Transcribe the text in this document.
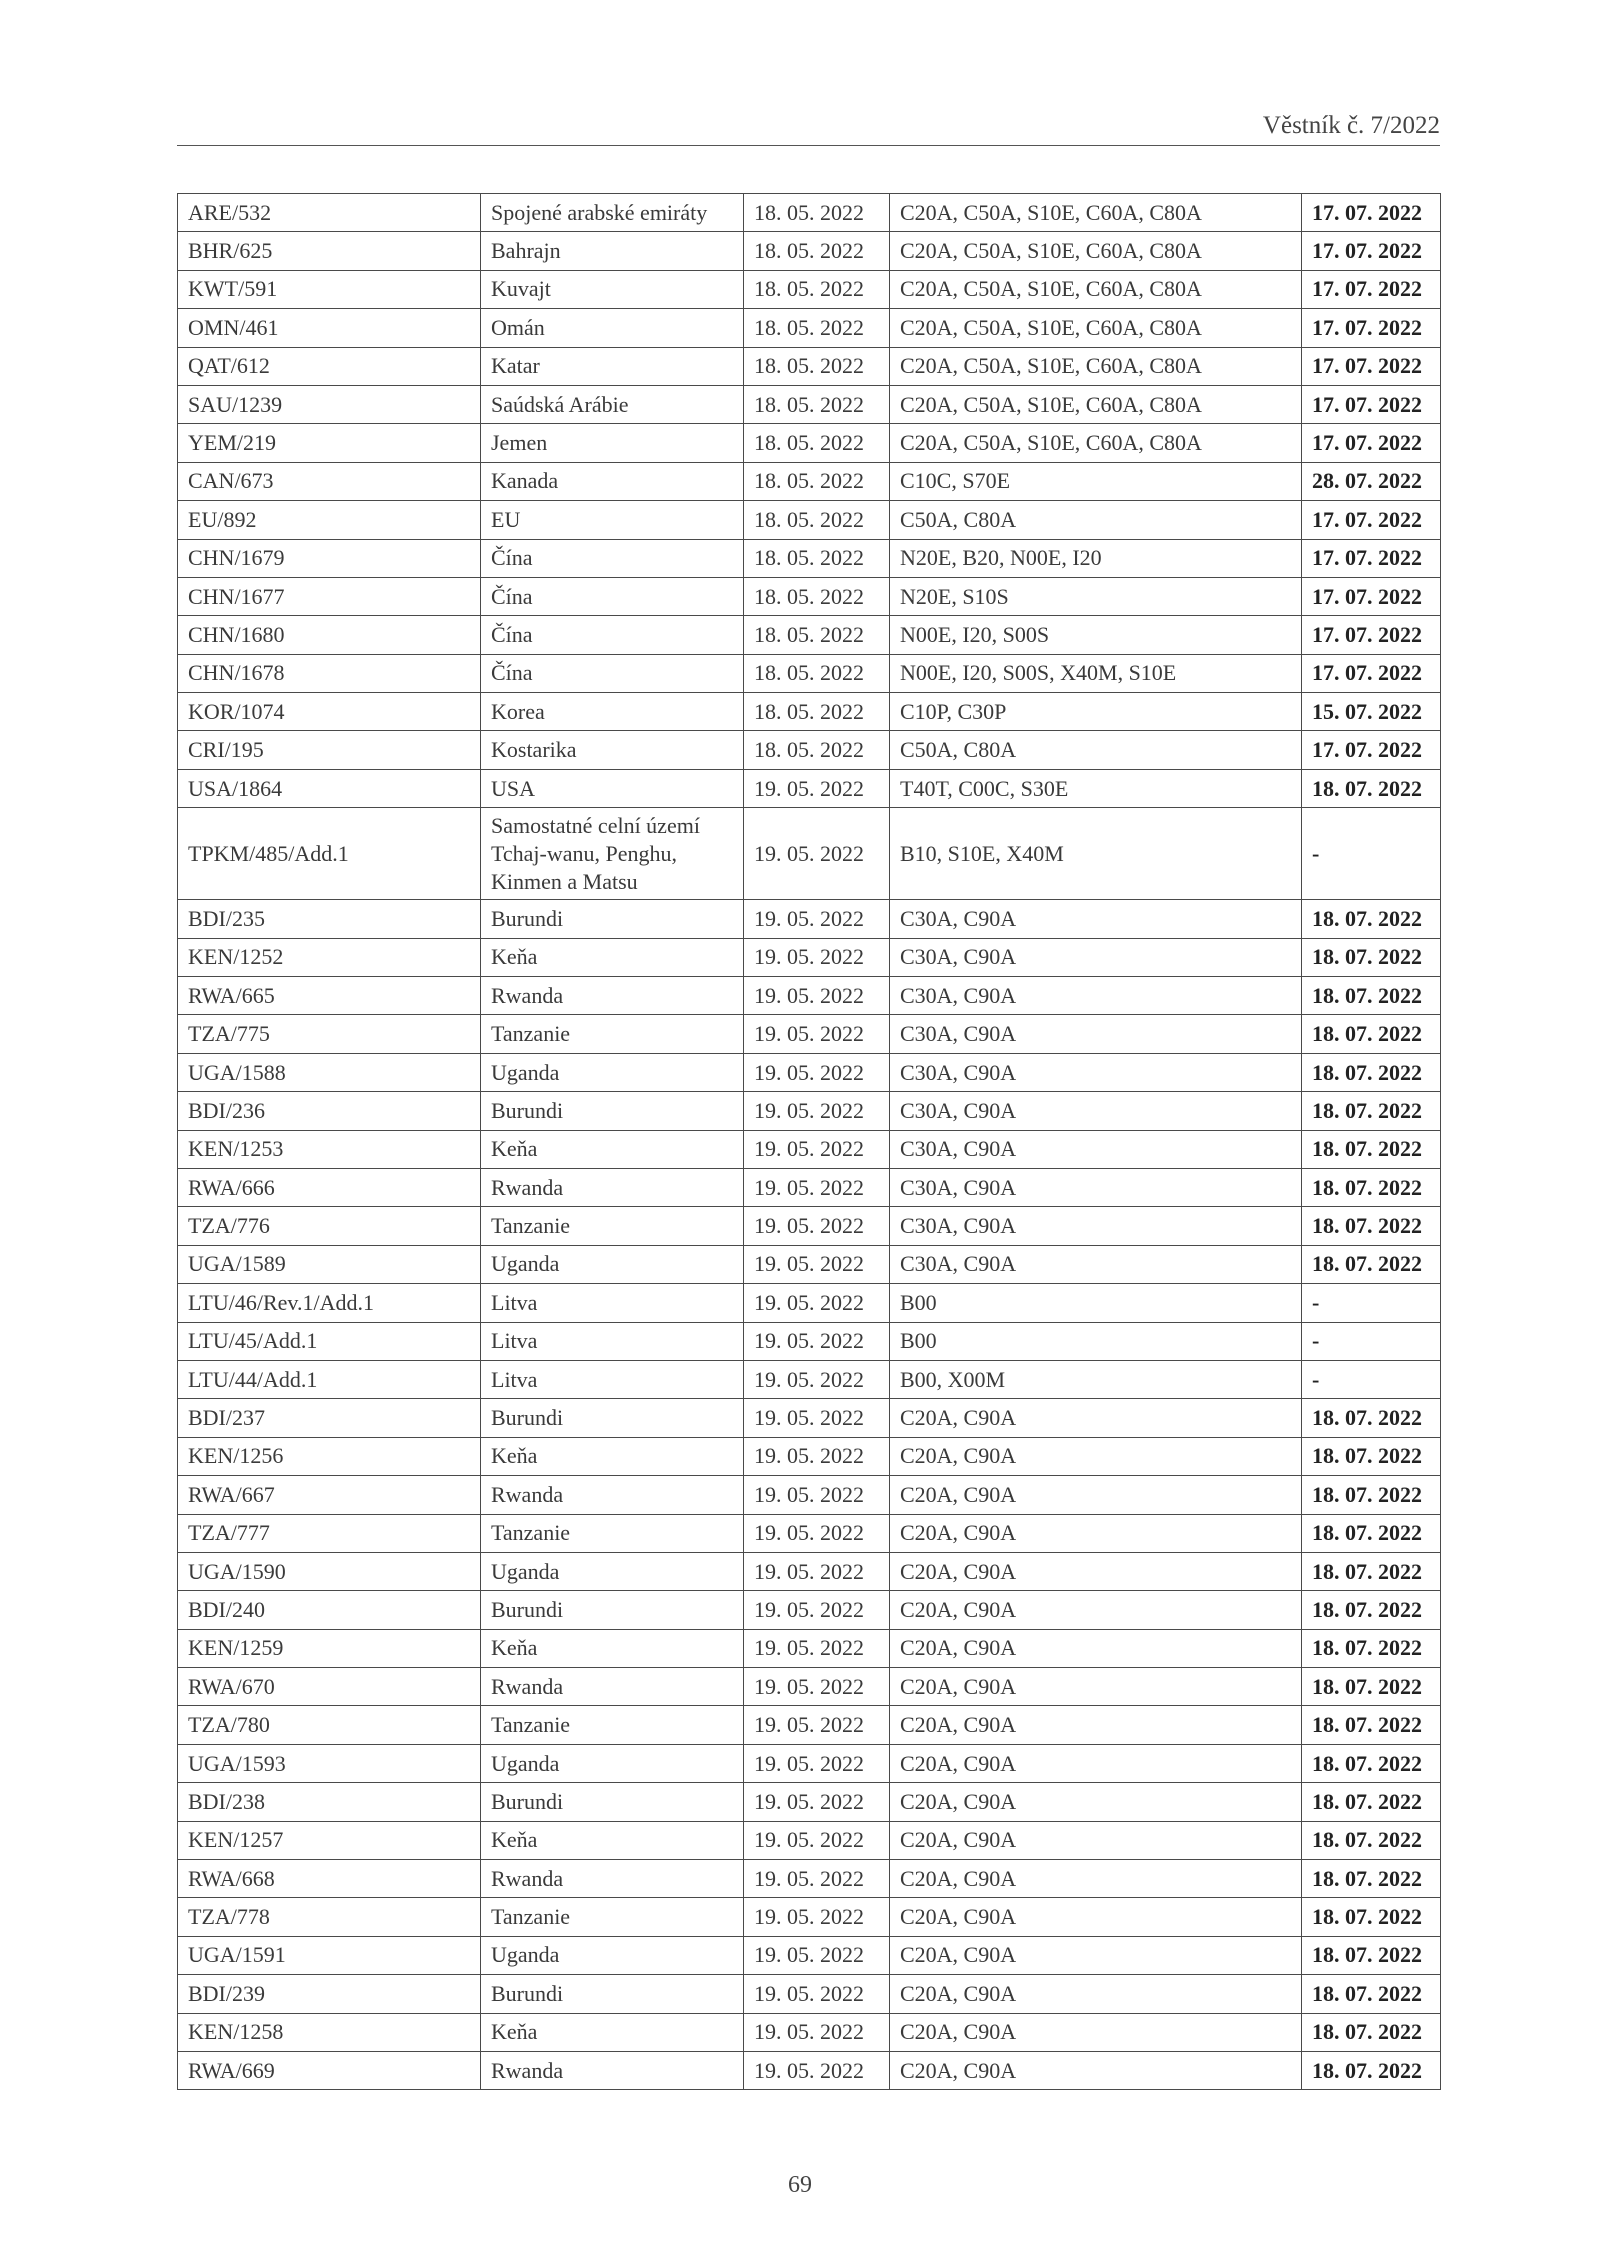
Věstník č. 7/2022
ARE/532	Spojené arabské emiráty	18. 05. 2022	C20A, C50A, S10E, C60A, C80A	17. 07. 2022
BHR/625	Bahrajn	18. 05. 2022	C20A, C50A, S10E, C60A, C80A	17. 07. 2022
KWT/591	Kuvajt	18. 05. 2022	C20A, C50A, S10E, C60A, C80A	17. 07. 2022
OMN/461	Omán	18. 05. 2022	C20A, C50A, S10E, C60A, C80A	17. 07. 2022
QAT/612	Katar	18. 05. 2022	C20A, C50A, S10E, C60A, C80A	17. 07. 2022
SAU/1239	Saúdská Arábie	18. 05. 2022	C20A, C50A, S10E, C60A, C80A	17. 07. 2022
YEM/219	Jemen	18. 05. 2022	C20A, C50A, S10E, C60A, C80A	17. 07. 2022
CAN/673	Kanada	18. 05. 2022	C10C, S70E	28. 07. 2022
EU/892	EU	18. 05. 2022	C50A, C80A	17. 07. 2022
CHN/1679	Čína	18. 05. 2022	N20E, B20, N00E, I20	17. 07. 2022
CHN/1677	Čína	18. 05. 2022	N20E, S10S	17. 07. 2022
CHN/1680	Čína	18. 05. 2022	N00E, I20, S00S	17. 07. 2022
CHN/1678	Čína	18. 05. 2022	N00E, I20, S00S, X40M, S10E	17. 07. 2022
KOR/1074	Korea	18. 05. 2022	C10P, C30P	15. 07. 2022
CRI/195	Kostarika	18. 05. 2022	C50A, C80A	17. 07. 2022
USA/1864	USA	19. 05. 2022	T40T, C00C, S30E	18. 07. 2022
TPKM/485/Add.1	Samostatné celní území Tchaj-wanu, Penghu, Kinmen a Matsu	19. 05. 2022	B10, S10E, X40M	-
BDI/235	Burundi	19. 05. 2022	C30A, C90A	18. 07. 2022
KEN/1252	Keňa	19. 05. 2022	C30A, C90A	18. 07. 2022
RWA/665	Rwanda	19. 05. 2022	C30A, C90A	18. 07. 2022
TZA/775	Tanzanie	19. 05. 2022	C30A, C90A	18. 07. 2022
UGA/1588	Uganda	19. 05. 2022	C30A, C90A	18. 07. 2022
BDI/236	Burundi	19. 05. 2022	C30A, C90A	18. 07. 2022
KEN/1253	Keňa	19. 05. 2022	C30A, C90A	18. 07. 2022
RWA/666	Rwanda	19. 05. 2022	C30A, C90A	18. 07. 2022
TZA/776	Tanzanie	19. 05. 2022	C30A, C90A	18. 07. 2022
UGA/1589	Uganda	19. 05. 2022	C30A, C90A	18. 07. 2022
LTU/46/Rev.1/Add.1	Litva	19. 05. 2022	B00	-
LTU/45/Add.1	Litva	19. 05. 2022	B00	-
LTU/44/Add.1	Litva	19. 05. 2022	B00, X00M	-
BDI/237	Burundi	19. 05. 2022	C20A, C90A	18. 07. 2022
KEN/1256	Keňa	19. 05. 2022	C20A, C90A	18. 07. 2022
RWA/667	Rwanda	19. 05. 2022	C20A, C90A	18. 07. 2022
TZA/777	Tanzanie	19. 05. 2022	C20A, C90A	18. 07. 2022
UGA/1590	Uganda	19. 05. 2022	C20A, C90A	18. 07. 2022
BDI/240	Burundi	19. 05. 2022	C20A, C90A	18. 07. 2022
KEN/1259	Keňa	19. 05. 2022	C20A, C90A	18. 07. 2022
RWA/670	Rwanda	19. 05. 2022	C20A, C90A	18. 07. 2022
TZA/780	Tanzanie	19. 05. 2022	C20A, C90A	18. 07. 2022
UGA/1593	Uganda	19. 05. 2022	C20A, C90A	18. 07. 2022
BDI/238	Burundi	19. 05. 2022	C20A, C90A	18. 07. 2022
KEN/1257	Keňa	19. 05. 2022	C20A, C90A	18. 07. 2022
RWA/668	Rwanda	19. 05. 2022	C20A, C90A	18. 07. 2022
TZA/778	Tanzanie	19. 05. 2022	C20A, C90A	18. 07. 2022
UGA/1591	Uganda	19. 05. 2022	C20A, C90A	18. 07. 2022
BDI/239	Burundi	19. 05. 2022	C20A, C90A	18. 07. 2022
KEN/1258	Keňa	19. 05. 2022	C20A, C90A	18. 07. 2022
RWA/669	Rwanda	19. 05. 2022	C20A, C90A	18. 07. 2022
69
